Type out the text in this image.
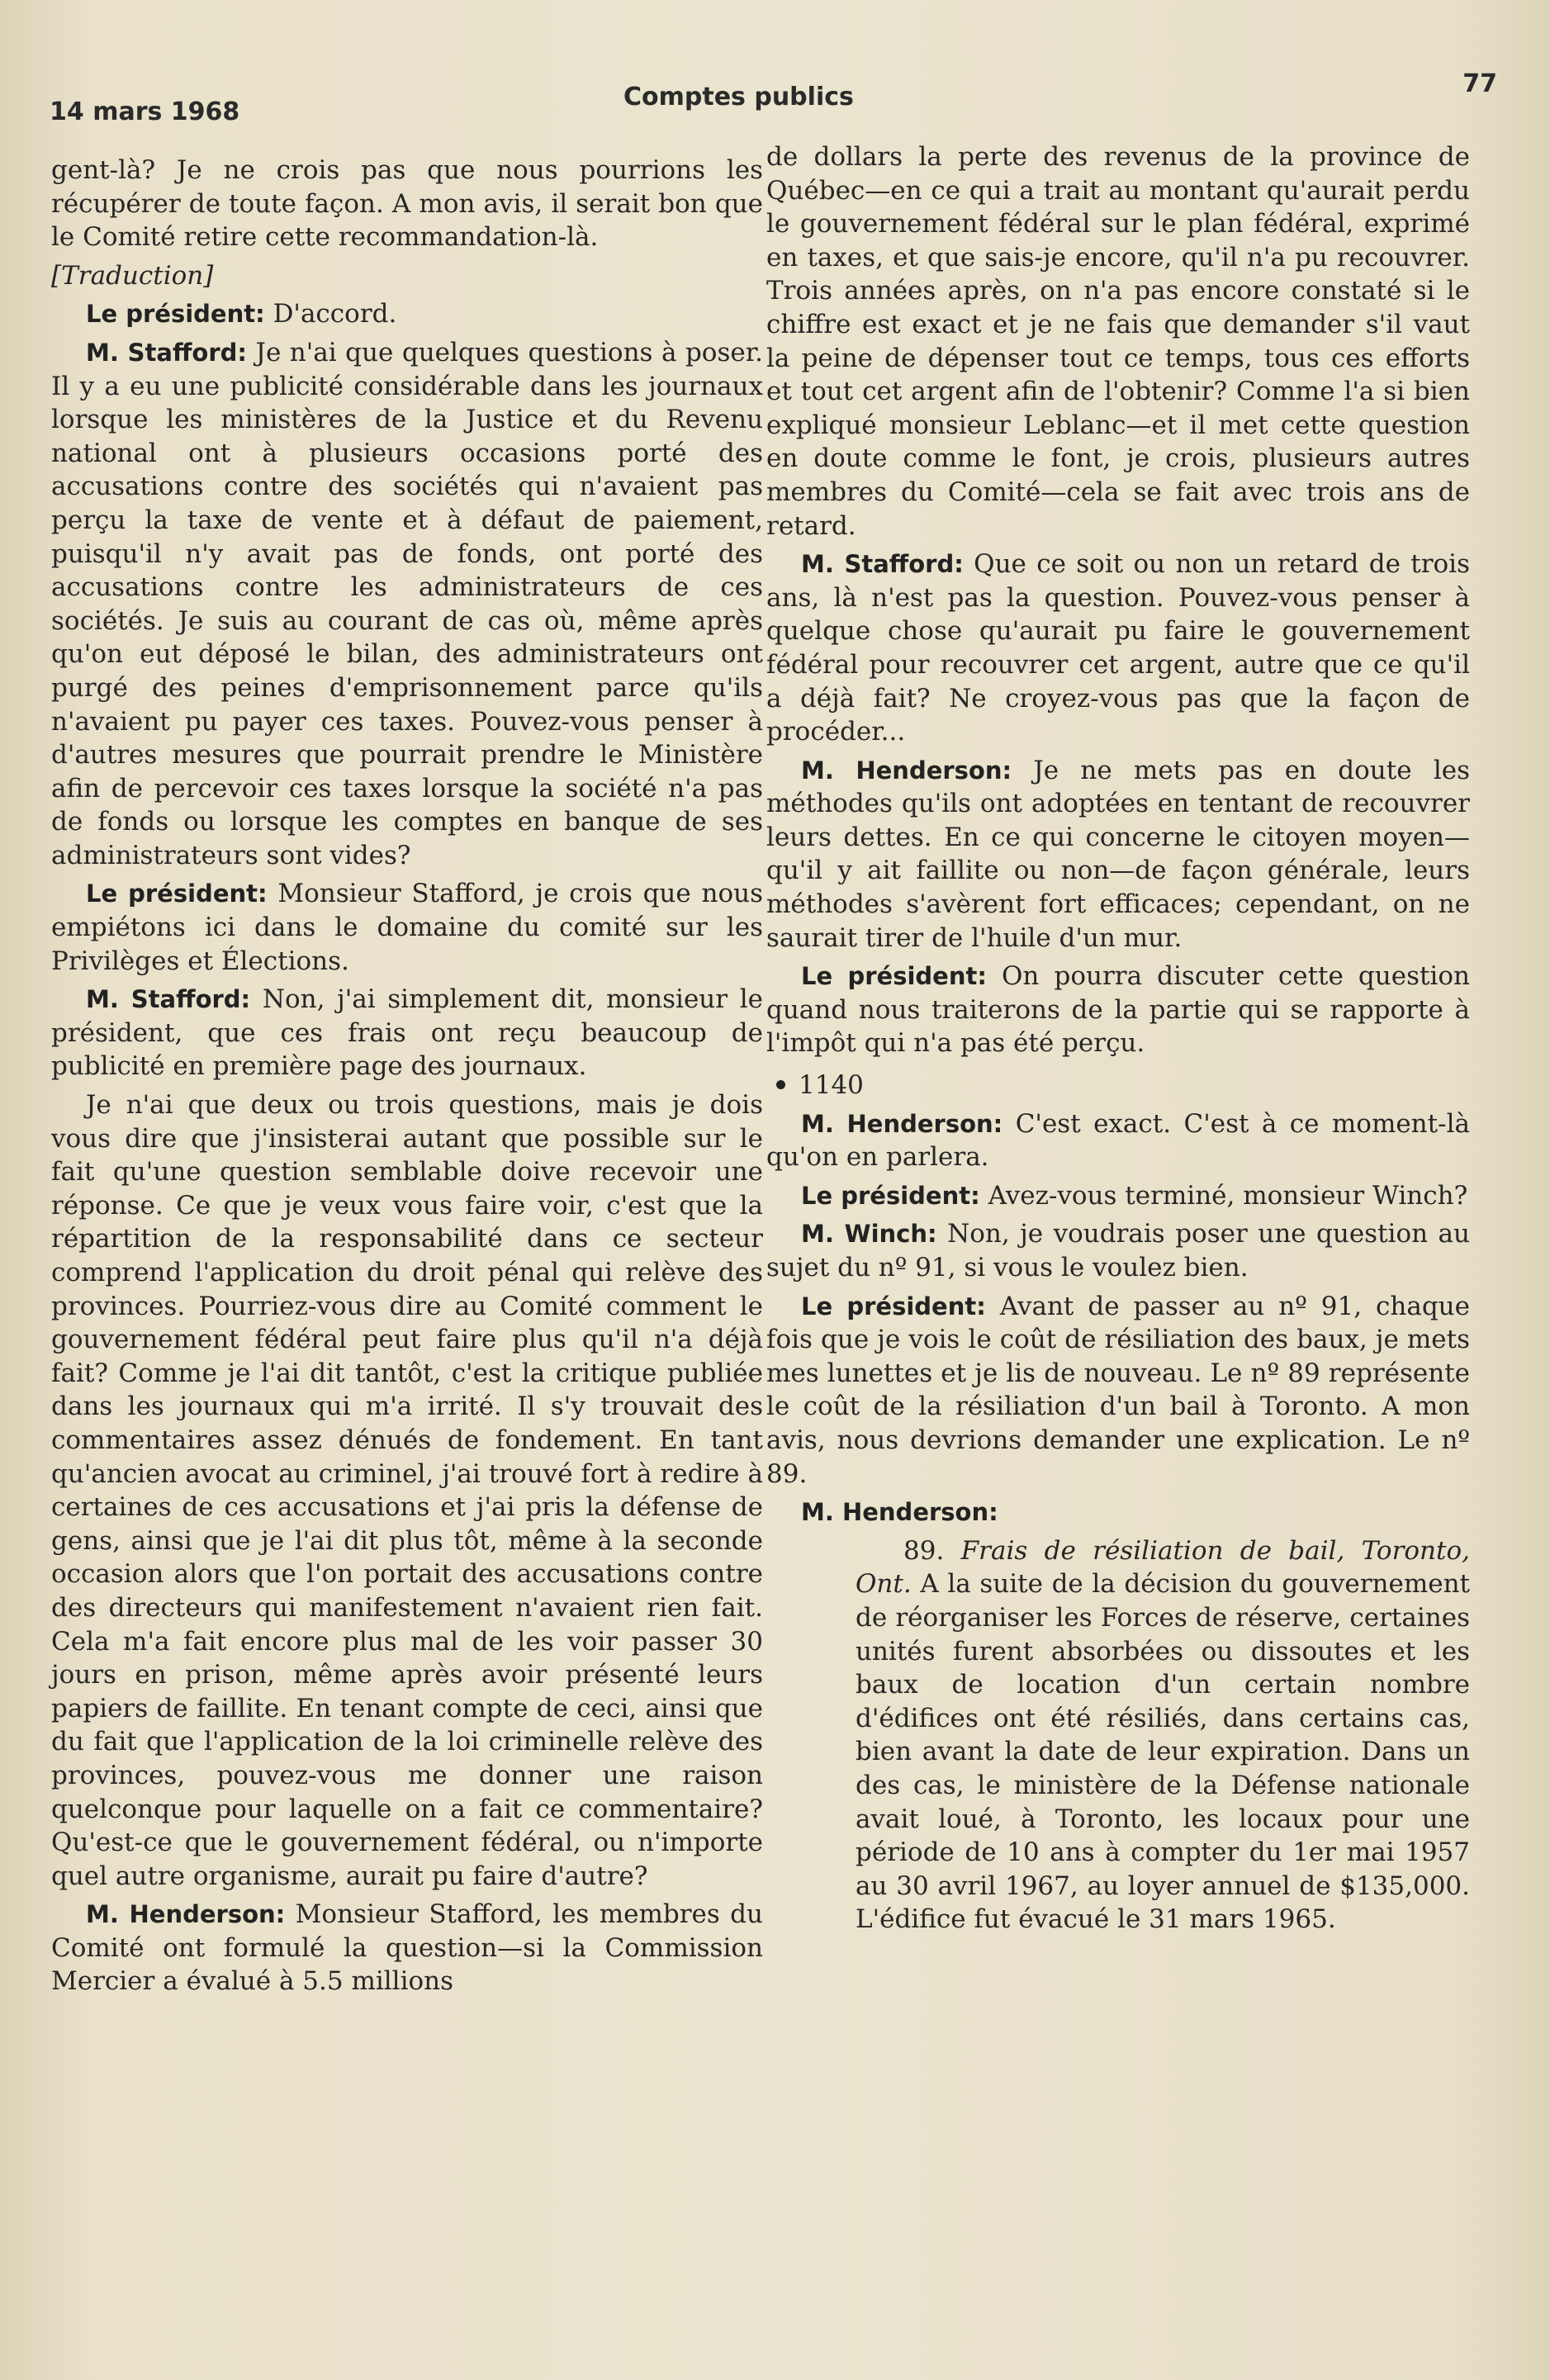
14 mars 1968
Comptes publics	77

gent-là? Je ne crois pas que nous pourrions les récupérer de toute façon. A mon avis, il serait bon que le Comité retire cette recommandation-là.

[Traduction]

Le président: D'accord.

M. Stafford: Je n'ai que quelques questions à poser. Il y a eu une publicité considérable dans les journaux lorsque les ministères de la Justice et du Revenu national ont à plusieurs occasions porté des accusations contre des sociétés qui n'avaient pas perçu la taxe de vente et à défaut de paiement, puisqu'il n'y avait pas de fonds, ont porté des accusations contre les administrateurs de ces sociétés. Je suis au courant de cas où, même après qu'on eut déposé le bilan, des administrateurs ont purgé des peines d'emprisonnement parce qu'ils n'avaient pu payer ces taxes. Pouvez-vous penser à d'autres mesures que pourrait prendre le Ministère afin de percevoir ces taxes lorsque la société n'a pas de fonds ou lorsque les comptes en banque de ses administrateurs sont vides?

Le président: Monsieur Stafford, je crois que nous empiétons ici dans le domaine du comité sur les Privilèges et Élections.

M. Stafford: Non, j'ai simplement dit, monsieur le président, que ces frais ont reçu beaucoup de publicité en première page des journaux.

Je n'ai que deux ou trois questions, mais je dois vous dire que j'insisterai autant que possible sur le fait qu'une question semblable doive recevoir une réponse. Ce que je veux vous faire voir, c'est que la répartition de la responsabilité dans ce secteur comprend l'application du droit pénal qui relève des provinces. Pourriez-vous dire au Comité comment le gouvernement fédéral peut faire plus qu'il n'a déjà fait? Comme je l'ai dit tantôt, c'est la critique publiée dans les journaux qui m'a irrité. Il s'y trouvait des commentaires assez dénués de fondement. En tant qu'ancien avocat au criminel, j'ai trouvé fort à redire à certaines de ces accusations et j'ai pris la défense de gens, ainsi que je l'ai dit plus tôt, même à la seconde occasion alors que l'on portait des accusations contre des directeurs qui manifestement n'avaient rien fait. Cela m'a fait encore plus mal de les voir passer 30 jours en prison, même après avoir présenté leurs papiers de faillite. En tenant compte de ceci, ainsi que du fait que l'application de la loi criminelle relève des provinces, pouvez-vous me donner une raison quelconque pour laquelle on a fait ce commentaire? Qu'est-ce que le gouvernement fédéral, ou n'importe quel autre organisme, aurait pu faire d'autre?

M. Henderson: Monsieur Stafford, les membres du Comité ont formulé la question—si la Commission Mercier a évalué à 5.5 millions

de dollars la perte des revenus de la province de Québec—en ce qui a trait au montant qu'aurait perdu le gouvernement fédéral sur le plan fédéral, exprimé en taxes, et que sais-je encore, qu'il n'a pu recouvrer. Trois années après, on n'a pas encore constaté si le chiffre est exact et je ne fais que demander s'il vaut la peine de dépenser tout ce temps, tous ces efforts et tout cet argent afin de l'obtenir? Comme l'a si bien expliqué monsieur Leblanc—et il met cette question en doute comme le font, je crois, plusieurs autres membres du Comité—cela se fait avec trois ans de retard.

M. Stafford: Que ce soit ou non un retard de trois ans, là n'est pas la question. Pouvez-vous penser à quelque chose qu'aurait pu faire le gouvernement fédéral pour recouvrer cet argent, autre que ce qu'il a déjà fait? Ne croyez-vous pas que la façon de procéder...

M. Henderson: Je ne mets pas en doute les méthodes qu'ils ont adoptées en tentant de recouvrer leurs dettes. En ce qui concerne le citoyen moyen—qu'il y ait faillite ou non—de façon générale, leurs méthodes s'avèrent fort efficaces; cependant, on ne saurait tirer de l'huile d'un mur.

Le président: On pourra discuter cette question quand nous traiterons de la partie qui se rapporte à l'impôt qui n'a pas été perçu.

1140

M. Henderson: C'est exact. C'est à ce moment-là qu'on en parlera.

Le président: Avez-vous terminé, monsieur Winch?

M. Winch: Non, je voudrais poser une question au sujet du nº 91, si vous le voulez bien.

Le président: Avant de passer au nº 91, chaque fois que je vois le coût de résiliation des baux, je mets mes lunettes et je lis de nouveau. Le nº 89 représente le coût de la résiliation d'un bail à Toronto. A mon avis, nous devrions demander une explication. Le nº 89.

M. Henderson:

89. Frais de résiliation de bail, Toronto, Ont. A la suite de la décision du gouvernement de réorganiser les Forces de réserve, certaines unités furent absorbées ou dissoutes et les baux de location d'un certain nombre d'édifices ont été résiliés, dans certains cas, bien avant la date de leur expiration. Dans un des cas, le ministère de la Défense nationale avait loué, à Toronto, les locaux pour une période de 10 ans à compter du 1er mai 1957 au 30 avril 1967, au loyer annuel de $135,000. L'édifice fut évacué le 31 mars 1965.
